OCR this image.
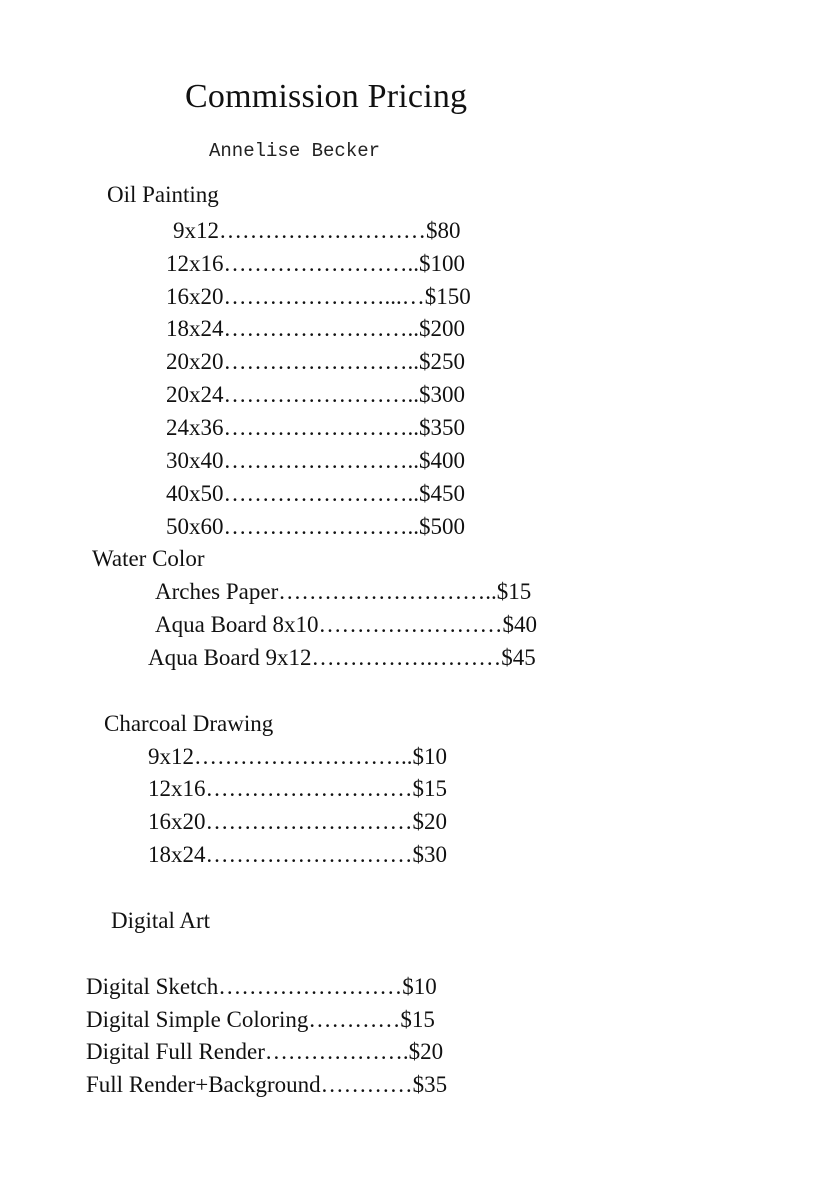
Commission Pricing
Annelise Becker
Oil Painting
9x12………………………$80
12x16……………………..$100
16x20…………………...…$150
18x24……………………..$200
20x20……………………..$250
20x24……………………..$300
24x36……………………..$350
30x40……………………..$400
40x50……………………..$450
50x60……………………..$500
Water Color
Arches Paper………………………..$15
Aqua Board 8x10……………………$40
Aqua Board 9x12…………….………$45
Charcoal Drawing
9x12………………………..$10
12x16………………………$15
16x20………………………$20
18x24………………………$30
Digital Art
Digital Sketch……………………$10
Digital Simple Coloring…………$15
Digital Full Render……………….$20
Full Render+Background…………$35
